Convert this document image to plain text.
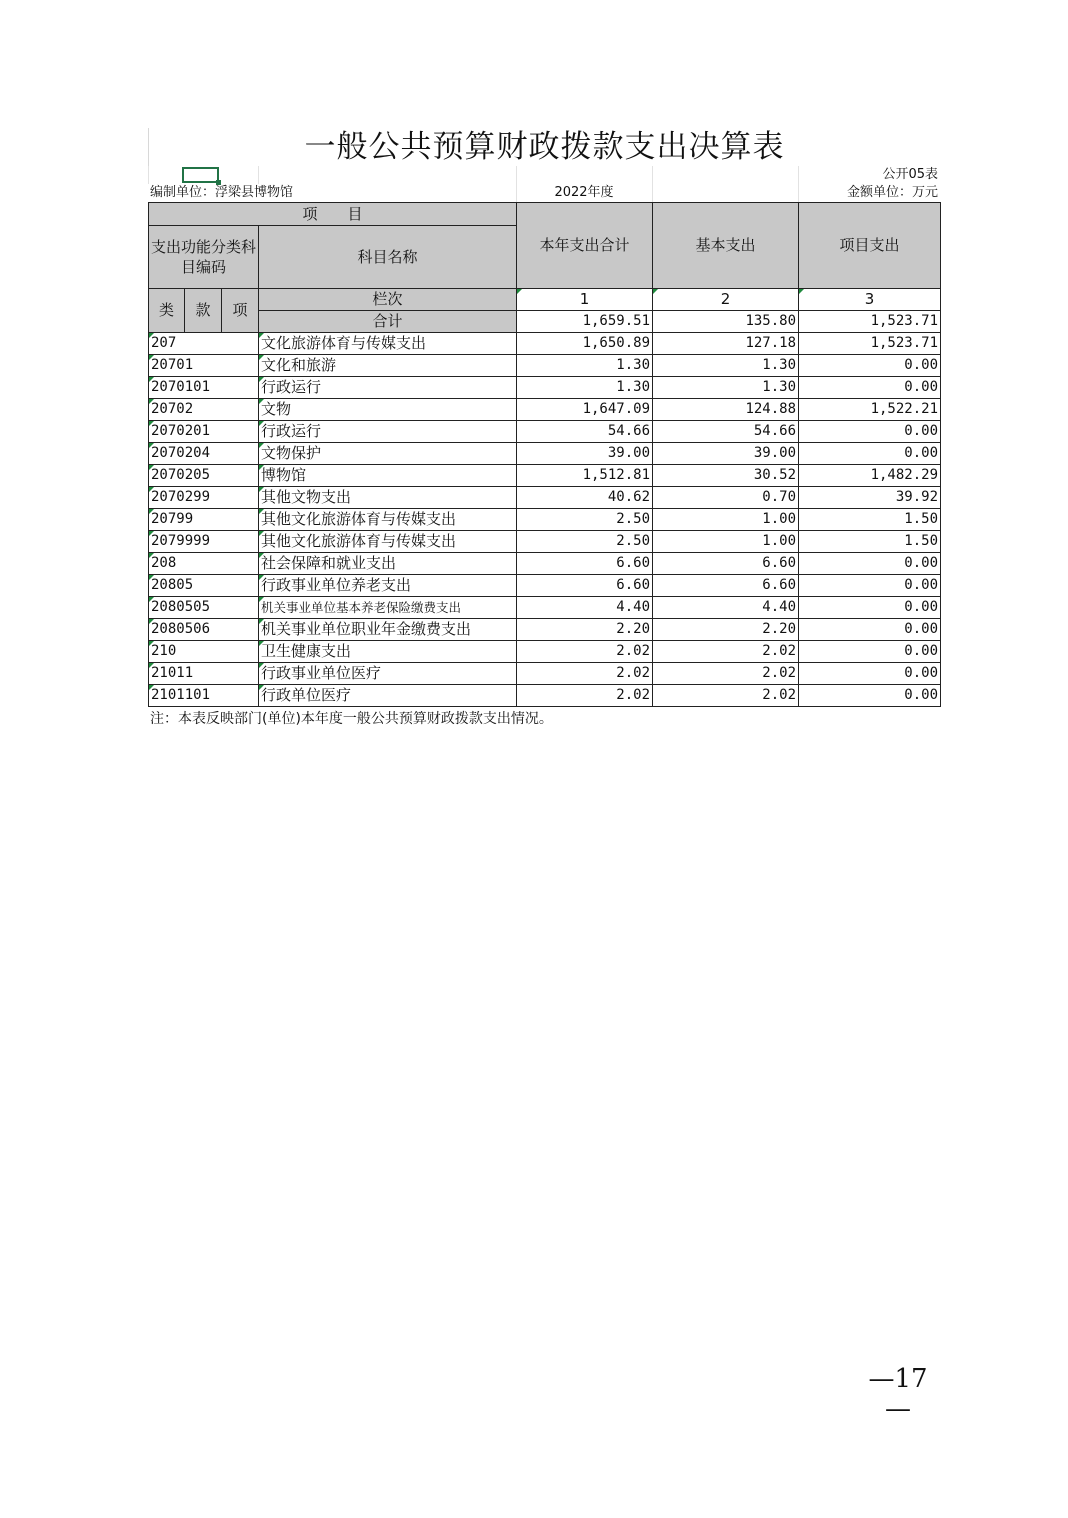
一般公共预算财政拨款支出决算表
公开05表
编制单位：浮梁县博物馆	2022年度	金额单位：万元
项　　目				本年支出合计	基本支出	项目支出
支出功能分类科目编码			科目名称			
类	款	项	栏次	1	2	3
			合计	1,659.51	135.80	1,523.71
207			文化旅游体育与传媒支出	1,650.89	127.18	1,523.71
20701			文化和旅游	1.30	1.30	0.00
2070101			行政运行	1.30	1.30	0.00
20702			文物	1,647.09	124.88	1,522.21
2070201			行政运行	54.66	54.66	0.00
2070204			文物保护	39.00	39.00	0.00
2070205			博物馆	1,512.81	30.52	1,482.29
2070299			其他文物支出	40.62	0.70	39.92
20799			其他文化旅游体育与传媒支出	2.50	1.00	1.50
2079999			其他文化旅游体育与传媒支出	2.50	1.00	1.50
208			社会保障和就业支出	6.60	6.60	0.00
20805			行政事业单位养老支出	6.60	6.60	0.00
2080505			机关事业单位基本养老保险缴费支出	4.40	4.40	0.00
2080506			机关事业单位职业年金缴费支出	2.20	2.20	0.00
210			卫生健康支出	2.02	2.02	0.00
21011			行政事业单位医疗	2.02	2.02	0.00
2101101			行政单位医疗	2.02	2.02	0.00
注：本表反映部门(单位)本年度一般公共预算财政拨款支出情况。
—17—
